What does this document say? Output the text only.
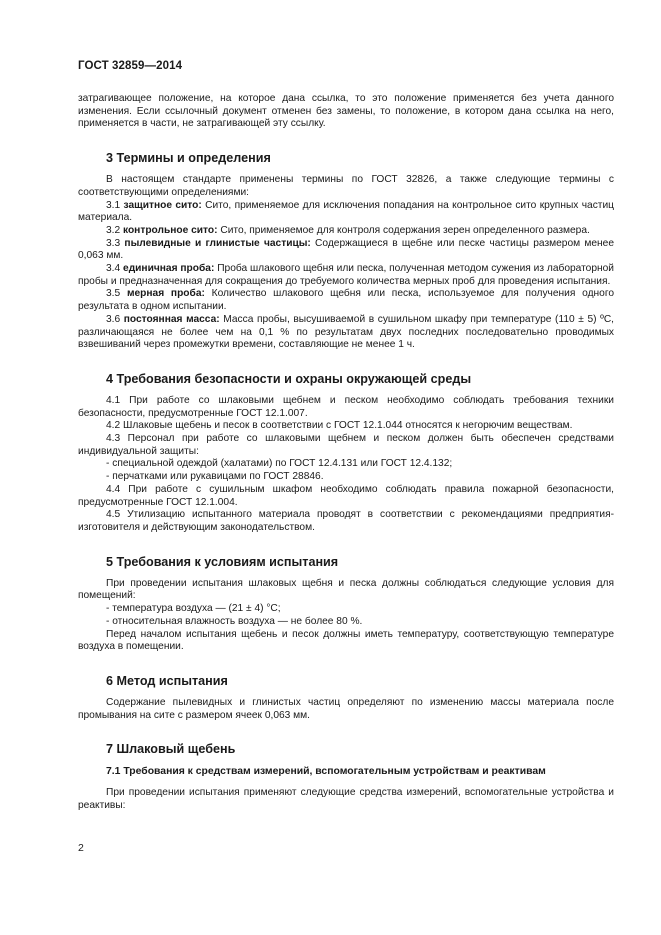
ГОСТ 32859—2014

затрагивающее положение, на которое дана ссылка, то это положение применяется без учета данного изменения. Если ссылочный документ отменен без замены, то положение, в котором дана ссылка на него, применяется в части, не затрагивающей эту ссылку.

3 Термины и определения

В настоящем стандарте применены термины по ГОСТ 32826, а также следующие термины с соответствующими определениями:

3.1 защитное сито: Сито, применяемое для исключения попадания на контрольное сито крупных частиц материала.

3.2 контрольное сито: Сито, применяемое для контроля содержания зерен определенного размера.

3.3 пылевидные и глинистые частицы: Содержащиеся в щебне или песке частицы размером менее 0,063 мм.

3.4 единичная проба: Проба шлакового щебня или песка, полученная методом сужения из лабораторной пробы и предназначенная для сокращения до требуемого количества мерных проб для проведения испытания.

3.5 мерная проба: Количество шлакового щебня или песка, используемое для получения одного результата в одном испытании.

3.6 постоянная масса: Масса пробы, высушиваемой в сушильном шкафу при температуре (110 ± 5) ºС, различающаяся не более чем на 0,1 % по результатам двух последних последовательно проводимых взвешиваний через промежутки времени, составляющие не менее 1 ч.

4 Требования безопасности и охраны окружающей среды

4.1 При работе со шлаковыми щебнем и песком необходимо соблюдать требования техники безопасности, предусмотренные ГОСТ 12.1.007.

4.2 Шлаковые щебень и песок в соответствии с ГОСТ 12.1.044 относятся к негорючим веществам.

4.3 Персонал при работе со шлаковыми щебнем и песком должен быть обеспечен средствами индивидуальной защиты:

- специальной одеждой (халатами) по ГОСТ 12.4.131 или ГОСТ 12.4.132;

- перчатками или рукавицами по ГОСТ 28846.

4.4 При работе с сушильным шкафом необходимо соблюдать правила пожарной безопасности, предусмотренные ГОСТ 12.1.004.

4.5 Утилизацию испытанного материала проводят в соответствии с рекомендациями предприятия-изготовителя и действующим законодательством.

5 Требования к условиям испытания

При проведении испытания шлаковых щебня и песка должны соблюдаться следующие условия для помещений:

- температура воздуха — (21 ± 4) °С;

- относительная влажность воздуха — не более 80 %.

Перед началом испытания щебень и песок должны иметь температуру, соответствующую температуре воздуха в помещении.

6 Метод испытания

Содержание пылевидных и глинистых частиц определяют по изменению массы материала после промывания на сите с размером ячеек 0,063 мм.

7 Шлаковый щебень
7.1 Требования к средствам измерений, вспомогательным устройствам и реактивам

При проведении испытания применяют следующие средства измерений, вспомогательные устройства и реактивы:

2
